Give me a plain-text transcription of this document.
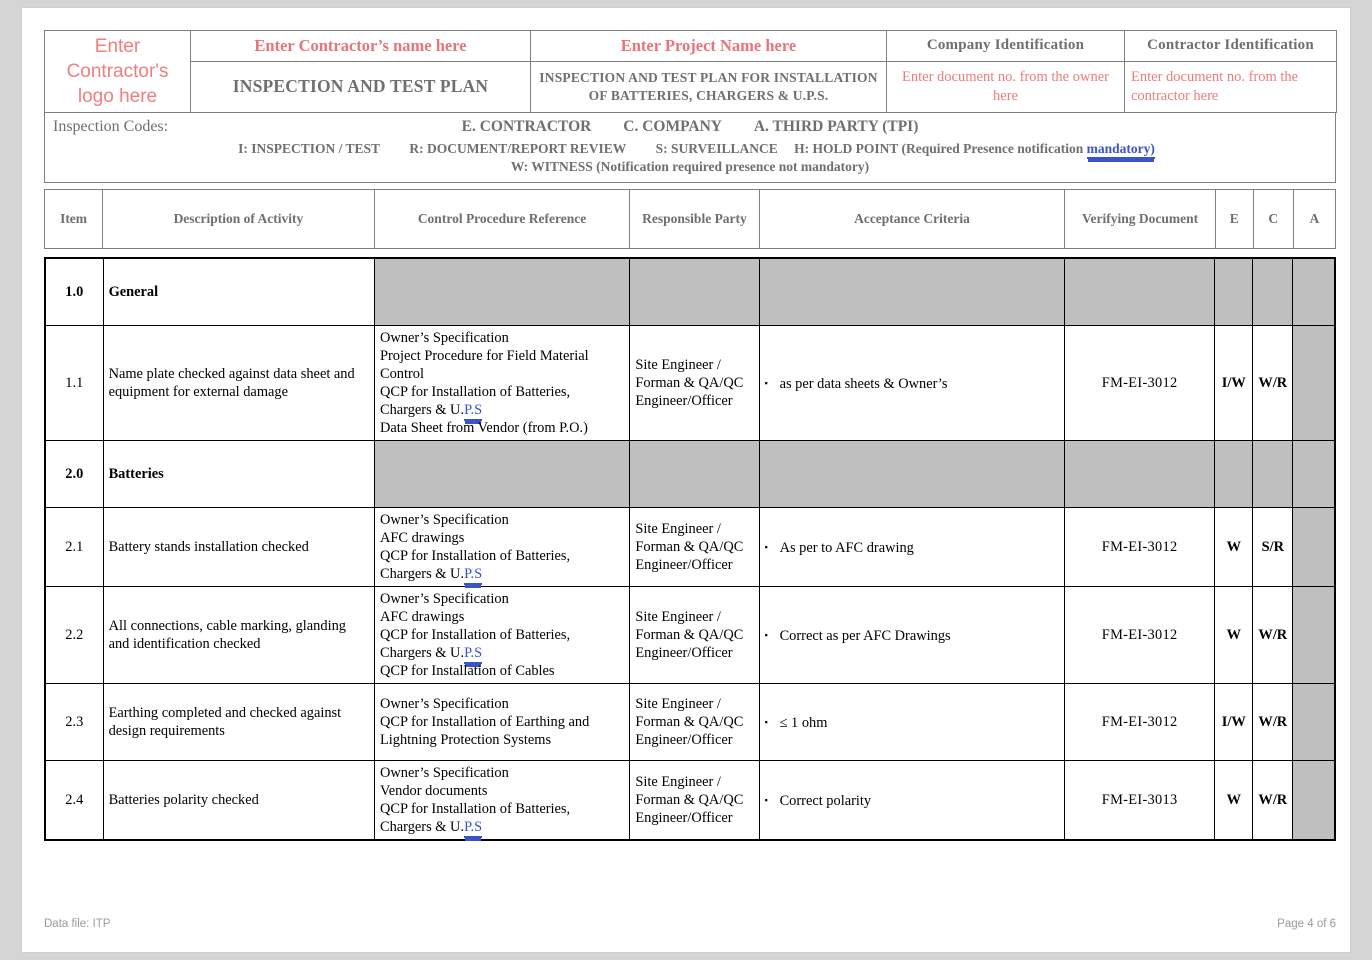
Enter Contractor's logo here	Enter Contractor’s name here	Enter Project Name here	Company Identification	Contractor Identification
	INSPECTION AND TEST PLAN	INSPECTION AND TEST PLAN FOR INSTALLATION OF BATTERIES, CHARGERS & U.P.S.	Enter document no. from the owner here	Enter document no. from the contractor here
Inspection Codes:	E. CONTRACTOR C. COMPANY A. THIRD PARTY (TPI)
I: INSPECTION / TEST R: DOCUMENT/REPORT REVIEW S: SURVEILLANCE H: HOLD POINT (Required Presence notification mandatory)
W: WITNESS (Notification required presence not mandatory)
Item	Description of Activity	Control Procedure Reference	Responsible Party	Acceptance Criteria	Verifying Document	E	C	A
1.0	General							
1.1	Name plate checked against data sheet and equipment for external damage	Owner’s Specification
Project Procedure for Field Material Control
QCP for Installation of Batteries, Chargers & U.P.S
Data Sheet from Vendor (from P.O.)	Site Engineer / Forman & QA/QC Engineer/Officer	▪ as per data sheets & Owner’s	FM-EI-3012	I/W	W/R	
2.0	Batteries							
2.1	Battery stands installation checked	Owner’s Specification
AFC drawings
QCP for Installation of Batteries, Chargers & U.P.S	Site Engineer / Forman & QA/QC Engineer/Officer	▪ As per to AFC drawing	FM-EI-3012	W	S/R	
2.2	All connections, cable marking, glanding and identification checked	Owner’s Specification
AFC drawings
QCP for Installation of Batteries, Chargers & U.P.S
QCP for Installation of Cables	Site Engineer / Forman & QA/QC Engineer/Officer	▪ Correct as per AFC Drawings	FM-EI-3012	W	W/R	
2.3	Earthing completed and checked against design requirements	Owner’s Specification
QCP for Installation of Earthing and Lightning Protection Systems	Site Engineer / Forman & QA/QC Engineer/Officer	▪ ≤ 1 ohm	FM-EI-3012	I/W	W/R	
2.4	Batteries polarity checked	Owner’s Specification
Vendor documents
QCP for Installation of Batteries, Chargers & U.P.S	Site Engineer / Forman & QA/QC Engineer/Officer	▪ Correct polarity	FM-EI-3013	W	W/R	
Data file: ITP	Page 4 of 6
